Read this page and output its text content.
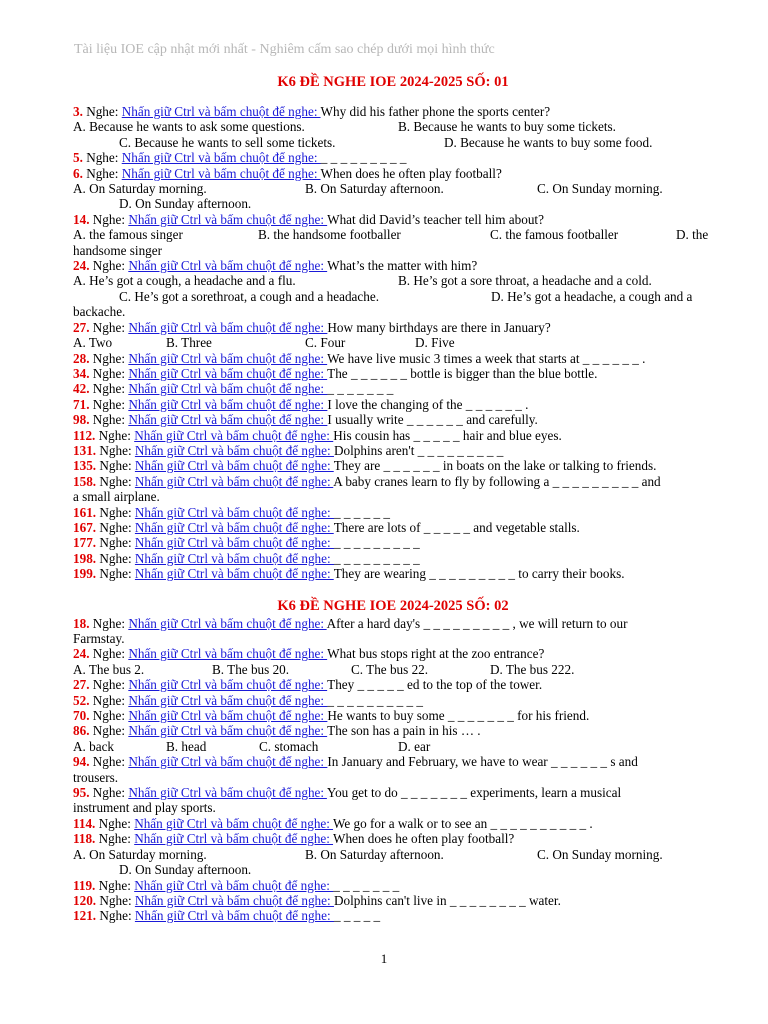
Tài liệu IOE cập nhật mới nhất - Nghiêm cấm sao chép dưới mọi hình thức
K6 ĐỀ NGHE IOE 2024-2025 SỐ: 01
3. Nghe: Nhấn giữ Ctrl và bấm chuột để nghe: Why did his father phone the sports center?
A. Because he wants to ask some questions.	B. Because he wants to buy some tickets.
C. Because he wants to sell some tickets.	D. Because he wants to buy some food.
5. Nghe: Nhấn giữ Ctrl và bấm chuột để nghe: _ _ _ _ _ _ _ _ _
6. Nghe: Nhấn giữ Ctrl và bấm chuột để nghe: When does he often play football?
A. On Saturday morning.	B. On Saturday afternoon.	C. On Sunday morning.
D. On Sunday afternoon.
14. Nghe: Nhấn giữ Ctrl và bấm chuột để nghe: What did David’s teacher tell him about?
A. the famous singer	B. the handsome footballer	C. the famous footballer	D. the
handsome singer
24. Nghe: Nhấn giữ Ctrl và bấm chuột để nghe: What’s the matter with him?
A. He’s got a cough, a headache and a flu.	B. He’s got a sore throat, a headache and a cold.
C. He’s got a sorethroat, a cough and a headache.	D. He’s got a headache, a cough and a
backache.
27. Nghe: Nhấn giữ Ctrl và bấm chuột để nghe: How many birthdays are there in January?
A. Two	B. Three	C. Four	D. Five
28. Nghe: Nhấn giữ Ctrl và bấm chuột để nghe: We have live music 3 times a week that starts at _ _ _ _ _ _ .
34. Nghe: Nhấn giữ Ctrl và bấm chuột để nghe: The _ _ _ _ _ _ bottle is bigger than the blue bottle.
42. Nghe: Nhấn giữ Ctrl và bấm chuột để nghe: _ _ _ _ _ _ _
71. Nghe: Nhấn giữ Ctrl và bấm chuột để nghe: I love the changing of the _ _ _ _ _ _ .
98. Nghe: Nhấn giữ Ctrl và bấm chuột để nghe: I usually write _ _ _ _ _ _ and carefully.
112. Nghe: Nhấn giữ Ctrl và bấm chuột để nghe: His cousin has _ _ _ _ _ hair and blue eyes.
131. Nghe: Nhấn giữ Ctrl và bấm chuột để nghe: Dolphins aren't _ _ _ _ _ _ _ _ _
135. Nghe: Nhấn giữ Ctrl và bấm chuột để nghe: They are _ _ _ _ _ _ in boats on the lake or talking to friends.
158. Nghe: Nhấn giữ Ctrl và bấm chuột để nghe: A baby cranes learn to fly by following a _ _ _ _ _ _ _ _ _ and
a small airplane.
161. Nghe: Nhấn giữ Ctrl và bấm chuột để nghe: _ _ _ _ _ _
167. Nghe: Nhấn giữ Ctrl và bấm chuột để nghe: There are lots of _ _ _ _ _ and vegetable stalls.
177. Nghe: Nhấn giữ Ctrl và bấm chuột để nghe: _ _ _ _ _ _ _ _ _
198. Nghe: Nhấn giữ Ctrl và bấm chuột để nghe: _ _ _ _ _ _ _ _ _
199. Nghe: Nhấn giữ Ctrl và bấm chuột để nghe: They are wearing _ _ _ _ _ _ _ _ _ to carry their books.
K6 ĐỀ NGHE IOE 2024-2025 SỐ: 02
18. Nghe: Nhấn giữ Ctrl và bấm chuột để nghe: After a hard day's _ _ _ _ _ _ _ _ _ , we will return to our
Farmstay.
24. Nghe: Nhấn giữ Ctrl và bấm chuột để nghe: What bus stops right at the zoo entrance?
A. The bus 2.	B. The bus 20.	C. The bus 22.	D. The bus 222.
27. Nghe: Nhấn giữ Ctrl và bấm chuột để nghe: They _ _ _ _ _ ed to the top of the tower.
52. Nghe: Nhấn giữ Ctrl và bấm chuột để nghe: _ _ _ _ _ _ _ _ _ _
70. Nghe: Nhấn giữ Ctrl và bấm chuột để nghe: He wants to buy some _ _ _ _ _ _ _ for his friend.
86. Nghe: Nhấn giữ Ctrl và bấm chuột để nghe: The son has a pain in his … .
A. back	B. head	C. stomach	D. ear
94. Nghe: Nhấn giữ Ctrl và bấm chuột để nghe: In January and February, we have to wear _ _ _ _ _ _ s and
trousers.
95. Nghe: Nhấn giữ Ctrl và bấm chuột để nghe: You get to do _ _ _ _ _ _ _ experiments, learn a musical
instrument and play sports.
114. Nghe: Nhấn giữ Ctrl và bấm chuột để nghe: We go for a walk or to see an _ _ _ _ _ _ _ _ _ _ .
118. Nghe: Nhấn giữ Ctrl và bấm chuột để nghe: When does he often play football?
A. On Saturday morning.	B. On Saturday afternoon.	C. On Sunday morning.
D. On Sunday afternoon.
119. Nghe: Nhấn giữ Ctrl và bấm chuột để nghe: _ _ _ _ _ _ _
120. Nghe: Nhấn giữ Ctrl và bấm chuột để nghe: Dolphins can't live in _ _ _ _ _ _ _ _ water.
121. Nghe: Nhấn giữ Ctrl và bấm chuột để nghe: _ _ _ _ _
1
